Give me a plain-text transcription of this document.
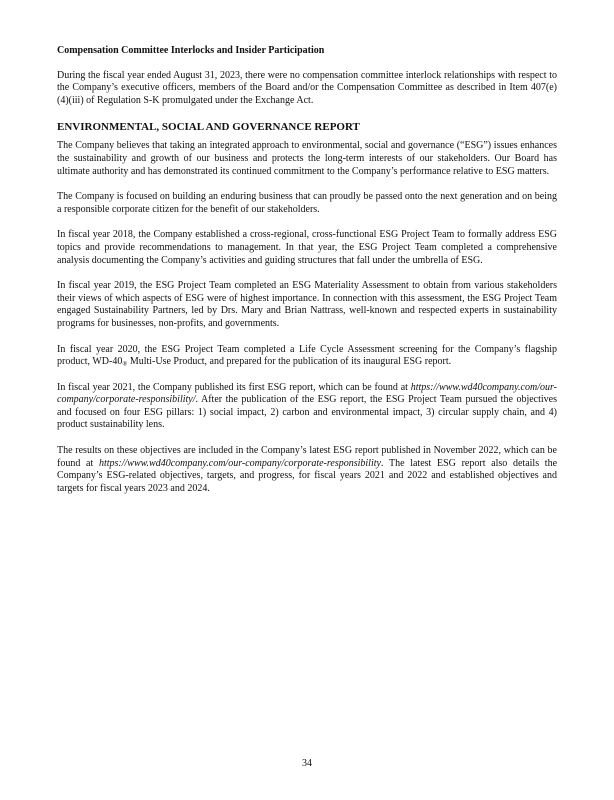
Compensation Committee Interlocks and Insider Participation

During the fiscal year ended August 31, 2023, there were no compensation committee interlock relationships with respect to the Company’s executive officers, members of the Board and/or the Compensation Committee as described in Item 407(e)(4)(iii) of Regulation S-K promulgated under the Exchange Act.

ENVIRONMENTAL, SOCIAL AND GOVERNANCE REPORT

The Company believes that taking an integrated approach to environmental, social and governance (“ESG”) issues enhances the sustainability and growth of our business and protects the long-term interests of our stakeholders. Our Board has ultimate authority and has demonstrated its continued commitment to the Company’s performance relative to ESG matters.

The Company is focused on building an enduring business that can proudly be passed onto the next generation and on being a responsible corporate citizen for the benefit of our stakeholders.

In fiscal year 2018, the Company established a cross-regional, cross-functional ESG Project Team to formally address ESG topics and provide recommendations to management. In that year, the ESG Project Team completed a comprehensive analysis documenting the Company’s activities and guiding structures that fall under the umbrella of ESG.

In fiscal year 2019, the ESG Project Team completed an ESG Materiality Assessment to obtain from various stakeholders their views of which aspects of ESG were of highest importance. In connection with this assessment, the ESG Project Team engaged Sustainability Partners, led by Drs. Mary and Brian Nattrass, well-known and respected experts in sustainability programs for businesses, non-profits, and governments.

In fiscal year 2020, the ESG Project Team completed a Life Cycle Assessment screening for the Company’s flagship product, $WD-40_®$ Multi-Use Product, and prepared for the publication of its inaugural ESG report.

In fiscal year 2021, the Company published its first ESG report, which can be found at https://www.wd40company.com/our-company/corporate-responsibility/. After the publication of the ESG report, the ESG Project Team pursued the objectives and focused on four ESG pillars: 1) social impact, 2) carbon and environmental impact, 3) circular supply chain, and 4) product sustainability lens.

The results on these objectives are included in the Company’s latest ESG report published in November 2022, which can be found at https://www.wd40company.com/our-company/corporate-responsibility. The latest ESG report also details the Company’s ESG-related objectives, targets, and progress, for fiscal years 2021 and 2022 and established objectives and targets for fiscal years 2023 and 2024.

34
